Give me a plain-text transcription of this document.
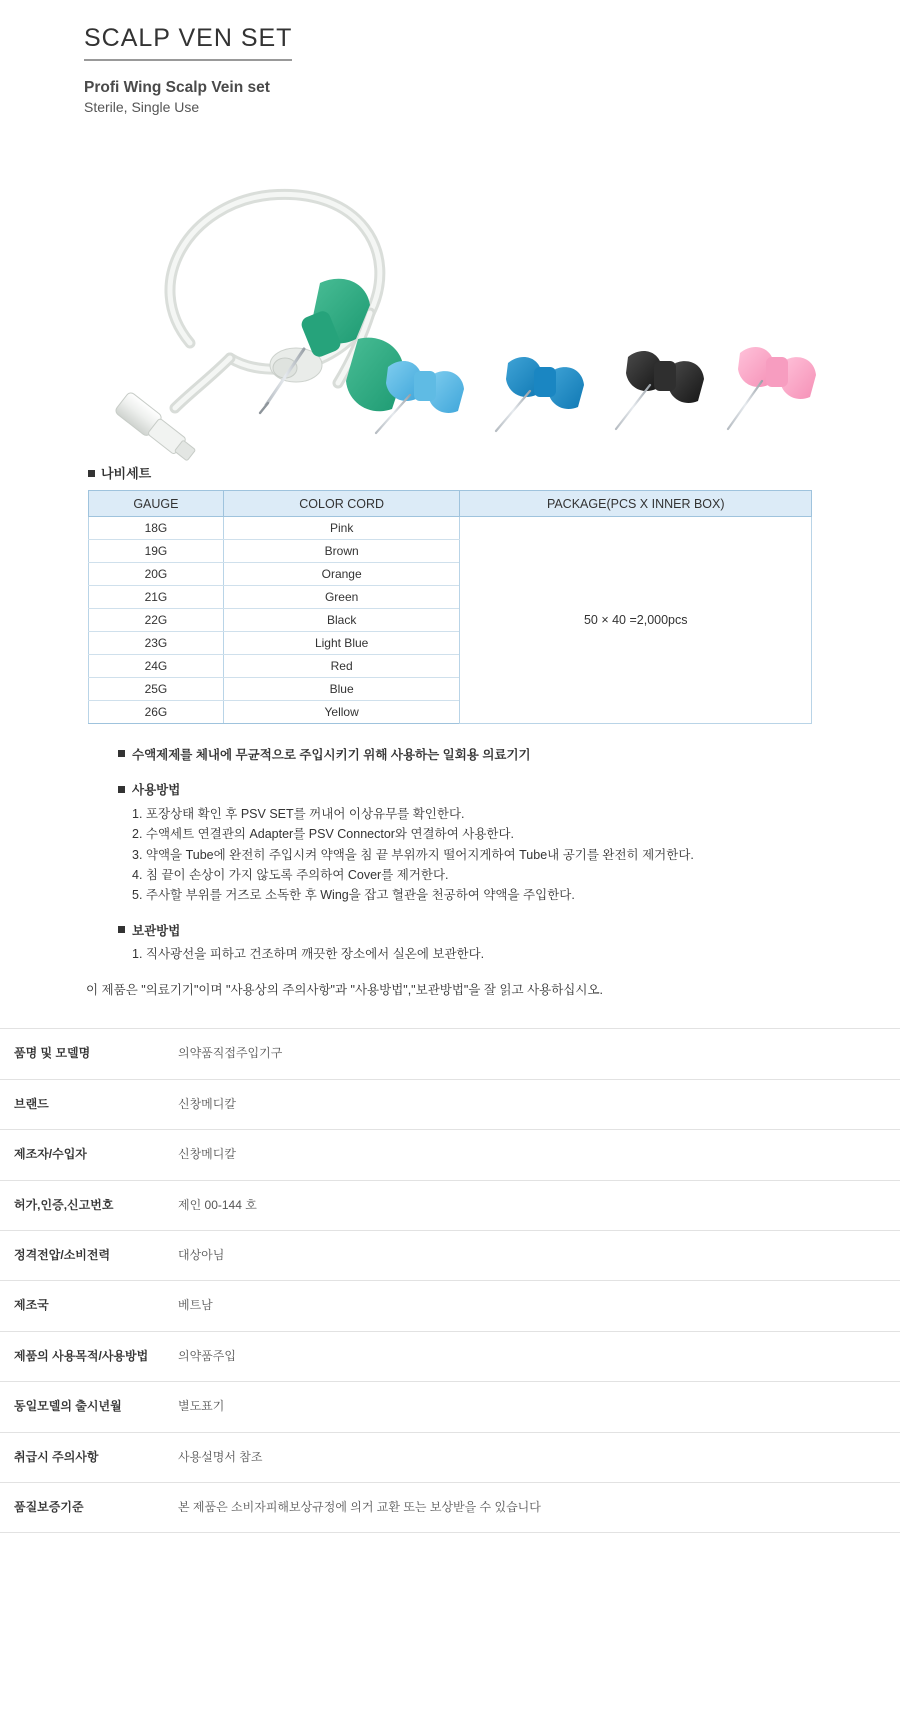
SCALP VEN SET
Profi Wing Scalp Vein set
Sterile, Single Use
나비세트
GAUGE	COLOR CORD	PACKAGE(PCS X INNER BOX)
18G	Pink	50 × 40 =2,000pcs
19G	Brown	
20G	Orange	
21G	Green	
22G	Black	
23G	Light Blue	
24G	Red	
25G	Blue	
26G	Yellow	
수액제제를 체내에 무균적으로 주입시키기 위해 사용하는 일회용 의료기기
사용방법
1. 포장상태 확인 후 PSV SET를 꺼내어 이상유무를 확인한다.
2. 수액세트 연결관의 Adapter를 PSV Connector와 연결하여 사용한다.
3. 약액을 Tube에 완전히 주입시켜 약액을 침 끝 부위까지 떨어지게하여 Tube내 공기를 완전히 제거한다.
4. 침 끝이 손상이 가지 않도록 주의하여 Cover를 제거한다.
5. 주사할 부위를 거즈로 소독한 후 Wing을 잡고 혈관을 천공하여 약액을 주입한다.
보관방법
1. 직사광선을 피하고 건조하며 깨끗한 장소에서 실온에 보관한다.
이 제품은 "의료기기"이며 "사용상의 주의사항"과 "사용방법","보관방법"을 잘 읽고 사용하십시오.
품명 및 모델명	의약품직접주입기구
브랜드	신창메디칼
제조자/수입자	신창메디칼
허가,인증,신고번호	제인 00-144 호
정격전압/소비전력	대상아님
제조국	베트남
제품의 사용목적/사용방법	의약품주입
동일모델의 출시년월	별도표기
취급시 주의사항	사용설명서 참조
품질보증기준	본 제품은 소비자피해보상규정에 의거 교환 또는 보상받을 수 있습니다
